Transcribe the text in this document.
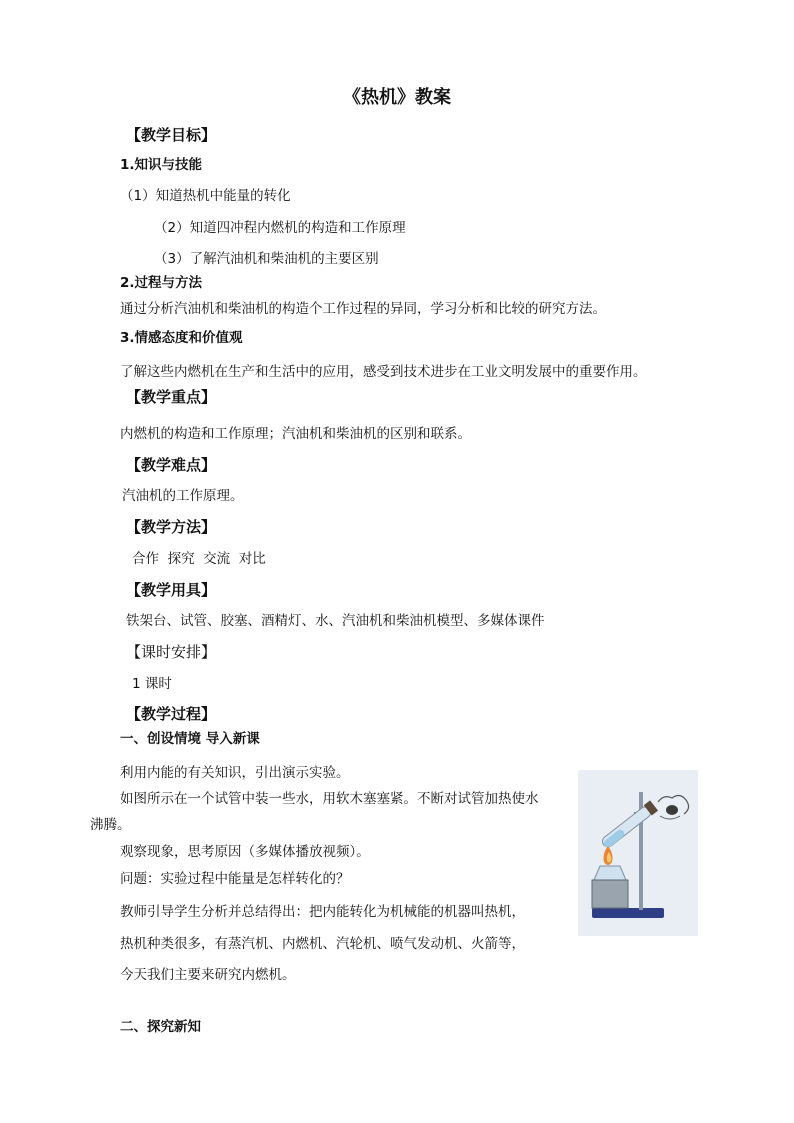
《热机》教案
【教学目标】
1.知识与技能
（1）知道热机中能量的转化
（2）知道四冲程内燃机的构造和工作原理
（3）了解汽油机和柴油机的主要区别
2.过程与方法
通过分析汽油机和柴油机的构造个工作过程的异同，学习分析和比较的研究方法。
3.情感态度和价值观
了解这些内燃机在生产和生活中的应用，感受到技术进步在工业文明发展中的重要作用。
【教学重点】
内燃机的构造和工作原理；汽油机和柴油机的区别和联系。
【教学难点】
汽油机的工作原理。
【教学方法】
合作  探究  交流  对比
【教学用具】
铁架台、试管、胶塞、酒精灯、水、汽油机和柴油机模型、多媒体课件
【课时安排】
1 课时
【教学过程】
一、创设情境 导入新课
利用内能的有关知识，引出演示实验。
如图所示在一个试管中装一些水，用软木塞塞紧。不断对试管加热使水
沸腾。
观察现象，思考原因（多媒体播放视频）。
问题：实验过程中能量是怎样转化的？
教师引导学生分析并总结得出：把内能转化为机械能的机器叫热机，
热机种类很多，有蒸汽机、内燃机、汽轮机、喷气发动机、火箭等，
今天我们主要来研究内燃机。
二、探究新知
